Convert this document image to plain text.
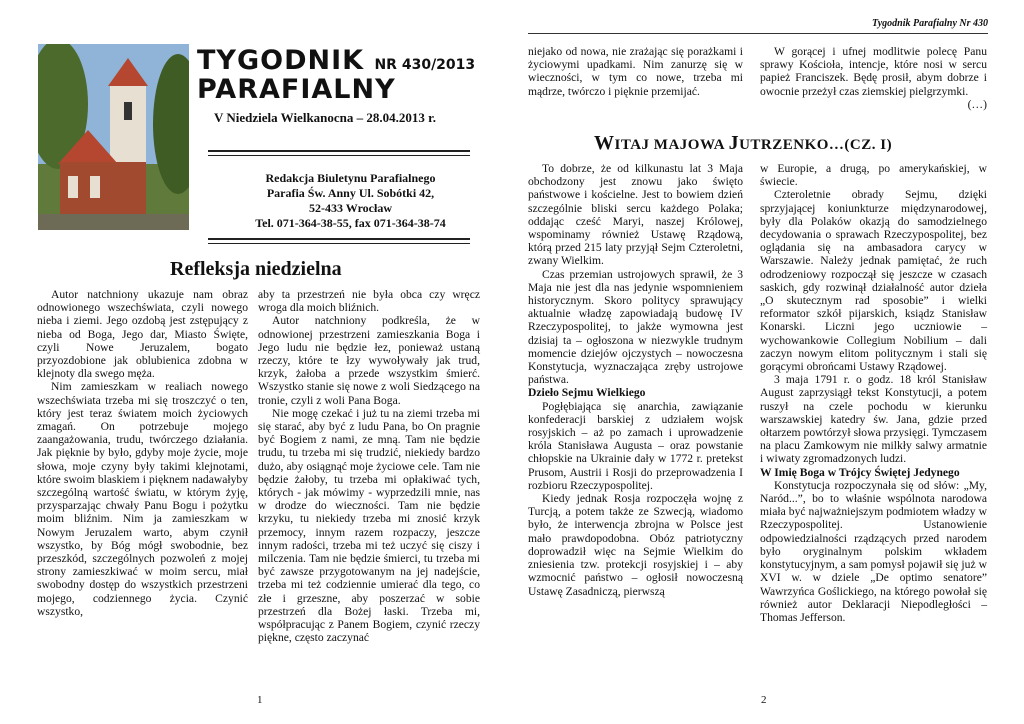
TYGODNIK NR 430/2013
PARAFIALNY
V Niedziela Wielkanocna – 28.04.2013 r.
Redakcja Biuletynu Parafialnego
Parafia Św. Anny Ul. Sobótki 42,
52-433 Wrocław
Tel. 071-364-38-55, fax 071-364-38-74
Refleksja niedzielna

Autor natchniony ukazuje nam obraz odnowionego wszechświata, czyli nowego nieba i ziemi. Jego ozdobą jest zstępujący z nieba od Boga, Jego dar, Miasto Święte, czyli Nowe Jeruzalem, bogato przyozdobione jak oblubienica zdobna w klejnoty dla swego męża.

Nim zamieszkam w realiach nowego wszechświata trzeba mi się troszczyć o ten, który jest teraz światem moich życiowych zmagań. On potrzebuje mojego zaangażowania, trudu, twórczego działania. Jak pięknie by było, gdyby moje życie, moje słowa, moje czyny były takimi klejnotami, które swoim blaskiem i pięknem nadawałyby szczególną wartość światu, w którym żyję, przysparzając chwały Panu Bogu i pożytku moim bliźnim. Nim ja zamieszkam w Nowym Jeruzalem warto, abym czynił wszystko, by Bóg mógł swobodnie, bez przeszkód, szczególnych pozwoleń z mojej strony zamieszkiwać w moim sercu, miał swobodny dostęp do wszystkich przestrzeni mojego, codziennego życia. Czynić wszystko,

aby ta przestrzeń nie była obca czy wręcz wroga dla moich bliźnich.

Autor natchniony podkreśla, że w odnowionej przestrzeni zamieszkania Boga i Jego ludu nie będzie łez, ponieważ ustaną rzeczy, które te łzy wywoływały jak trud, krzyk, żałoba a przede wszystkim śmierć. Wszystko stanie się nowe z woli Siedzącego na tronie, czyli z woli Pana Boga.

Nie mogę czekać i już tu na ziemi trzeba mi się starać, aby być z ludu Pana, bo On pragnie być Bogiem z nami, ze mną. Tam nie będzie trudu, tu trzeba mi się trudzić, niekiedy bardzo dużo, aby osiągnąć moje życiowe cele. Tam nie będzie żałoby, tu trzeba mi opłakiwać tych, których - jak mówimy - wyprzedzili mnie, nas w drodze do wieczności. Tam nie będzie krzyku, tu niekiedy trzeba mi znosić krzyk przemocy, innym razem rozpaczy, jeszcze innym radości, trzeba mi też uczyć się ciszy i milczenia. Tam nie będzie śmierci, tu trzeba mi być zawsze przygotowanym na jej nadejście, trzeba mi też codziennie umierać dla tego, co złe i grzeszne, aby poszerzać w sobie przestrzeń dla Bożej łaski. Trzeba mi, współpracując z Panem Bogiem, czynić rzeczy piękne, często zaczynać

1
Tygodnik Parafialny Nr 430

niejako od nowa, nie zrażając się porażkami i życiowymi upadkami. Nim zanurzę się w wieczności, w tym co nowe, trzeba mi mądrze, twórczo i pięknie przemijać.

W gorącej i ufnej modlitwie polecę Panu sprawy Kościoła, intencje, które nosi w sercu papież Franciszek. Będę prosił, abym dobrze i owocnie przeżył czas ziemskiej pielgrzymki.

(…)

WITAJ MAJOWA JUTRZENKO…(CZ. I)

To dobrze, że od kilkunastu lat 3 Maja obchodzony jest znowu jako święto państwowe i kościelne. Jest to bowiem dzień szczególnie bliski sercu każdego Polaka; oddając cześć Maryi, naszej Królowej, wspominamy również Ustawę Rządową, którą przed 215 laty przyjął Sejm Czteroletni, zwany Wielkim.

Czas przemian ustrojowych sprawił, że 3 Maja nie jest dla nas jedynie wspomnieniem historycznym. Skoro politycy sprawujący aktualnie władzę zapowiadają budowę IV Rzeczypospolitej, to jakże wymowna jest dzisiaj ta – ogłoszona w niezwykle trudnym momencie dziejów ojczystych – nowoczesna Konstytucja, wyznaczająca zręby ustrojowe państwa.

Dzieło Sejmu Wielkiego

Pogłębiająca się anarchia, zawiązanie konfederacji barskiej z udziałem wojsk rosyjskich – aż po zamach i uprowadzenie króla Stanisława Augusta – oraz powstanie chłopskie na Ukrainie dały w 1772 r. pretekst Prusom, Austrii i Rosji do przeprowadzenia I rozbioru Rzeczypospolitej.

Kiedy jednak Rosja rozpoczęła wojnę z Turcją, a potem także ze Szwecją, wiadomo było, że interwencja zbrojna w Polsce jest mało prawdopodobna. Obóz patriotyczny doprowadził więc na Sejmie Wielkim do zniesienia tzw. protekcji rosyjskiej i – aby wzmocnić państwo – ogłosił nowoczesną Ustawę Zasadniczą, pierwszą

w Europie, a drugą, po amerykańskiej, w świecie.

Czteroletnie obrady Sejmu, dzięki sprzyjającej koniunkturze międzynarodowej, były dla Polaków okazją do samodzielnego decydowania o sprawach Rzeczypospolitej, bez oglądania się na ambasadora carycy w Warszawie. Należy jednak pamiętać, że ruch odrodzeniowy rozpoczął się jeszcze w czasach saskich, gdy rozwinął działalność autor dzieła „O skutecznym rad sposobie” i wielki reformator szkół pijarskich, ksiądz Stanisław Konarski. Liczni jego uczniowie – wychowankowie Collegium Nobilium – dali zaczyn nowym elitom politycznym i stali się gorącymi obrońcami Ustawy Rządowej.

3 maja 1791 r. o godz. 18 król Stanisław August zaprzysiągł tekst Konstytucji, a potem ruszył na czele pochodu w kierunku warszawskiej katedry św. Jana, gdzie przed ołtarzem powtórzył słowa przysięgi. Tymczasem na placu Zamkowym nie milkły salwy armatnie i wiwaty zgromadzonych ludzi.

W Imię Boga w Trójcy Świętej Jedynego

Konstytucja rozpoczynała się od słów: „My, Naród...”, bo to właśnie wspólnota narodowa miała być najważniejszym podmiotem władzy w Rzeczypospolitej. Ustanowienie odpowiedzialności rządzących przed narodem było oryginalnym polskim wkładem konstytucyjnym, a sam pomysł pojawił się już w XVI w. w dziele „De optimo senatore” Wawrzyńca Goślickiego, na którego powołał się również autor Deklaracji Niepodległości – Thomas Jefferson.

2
